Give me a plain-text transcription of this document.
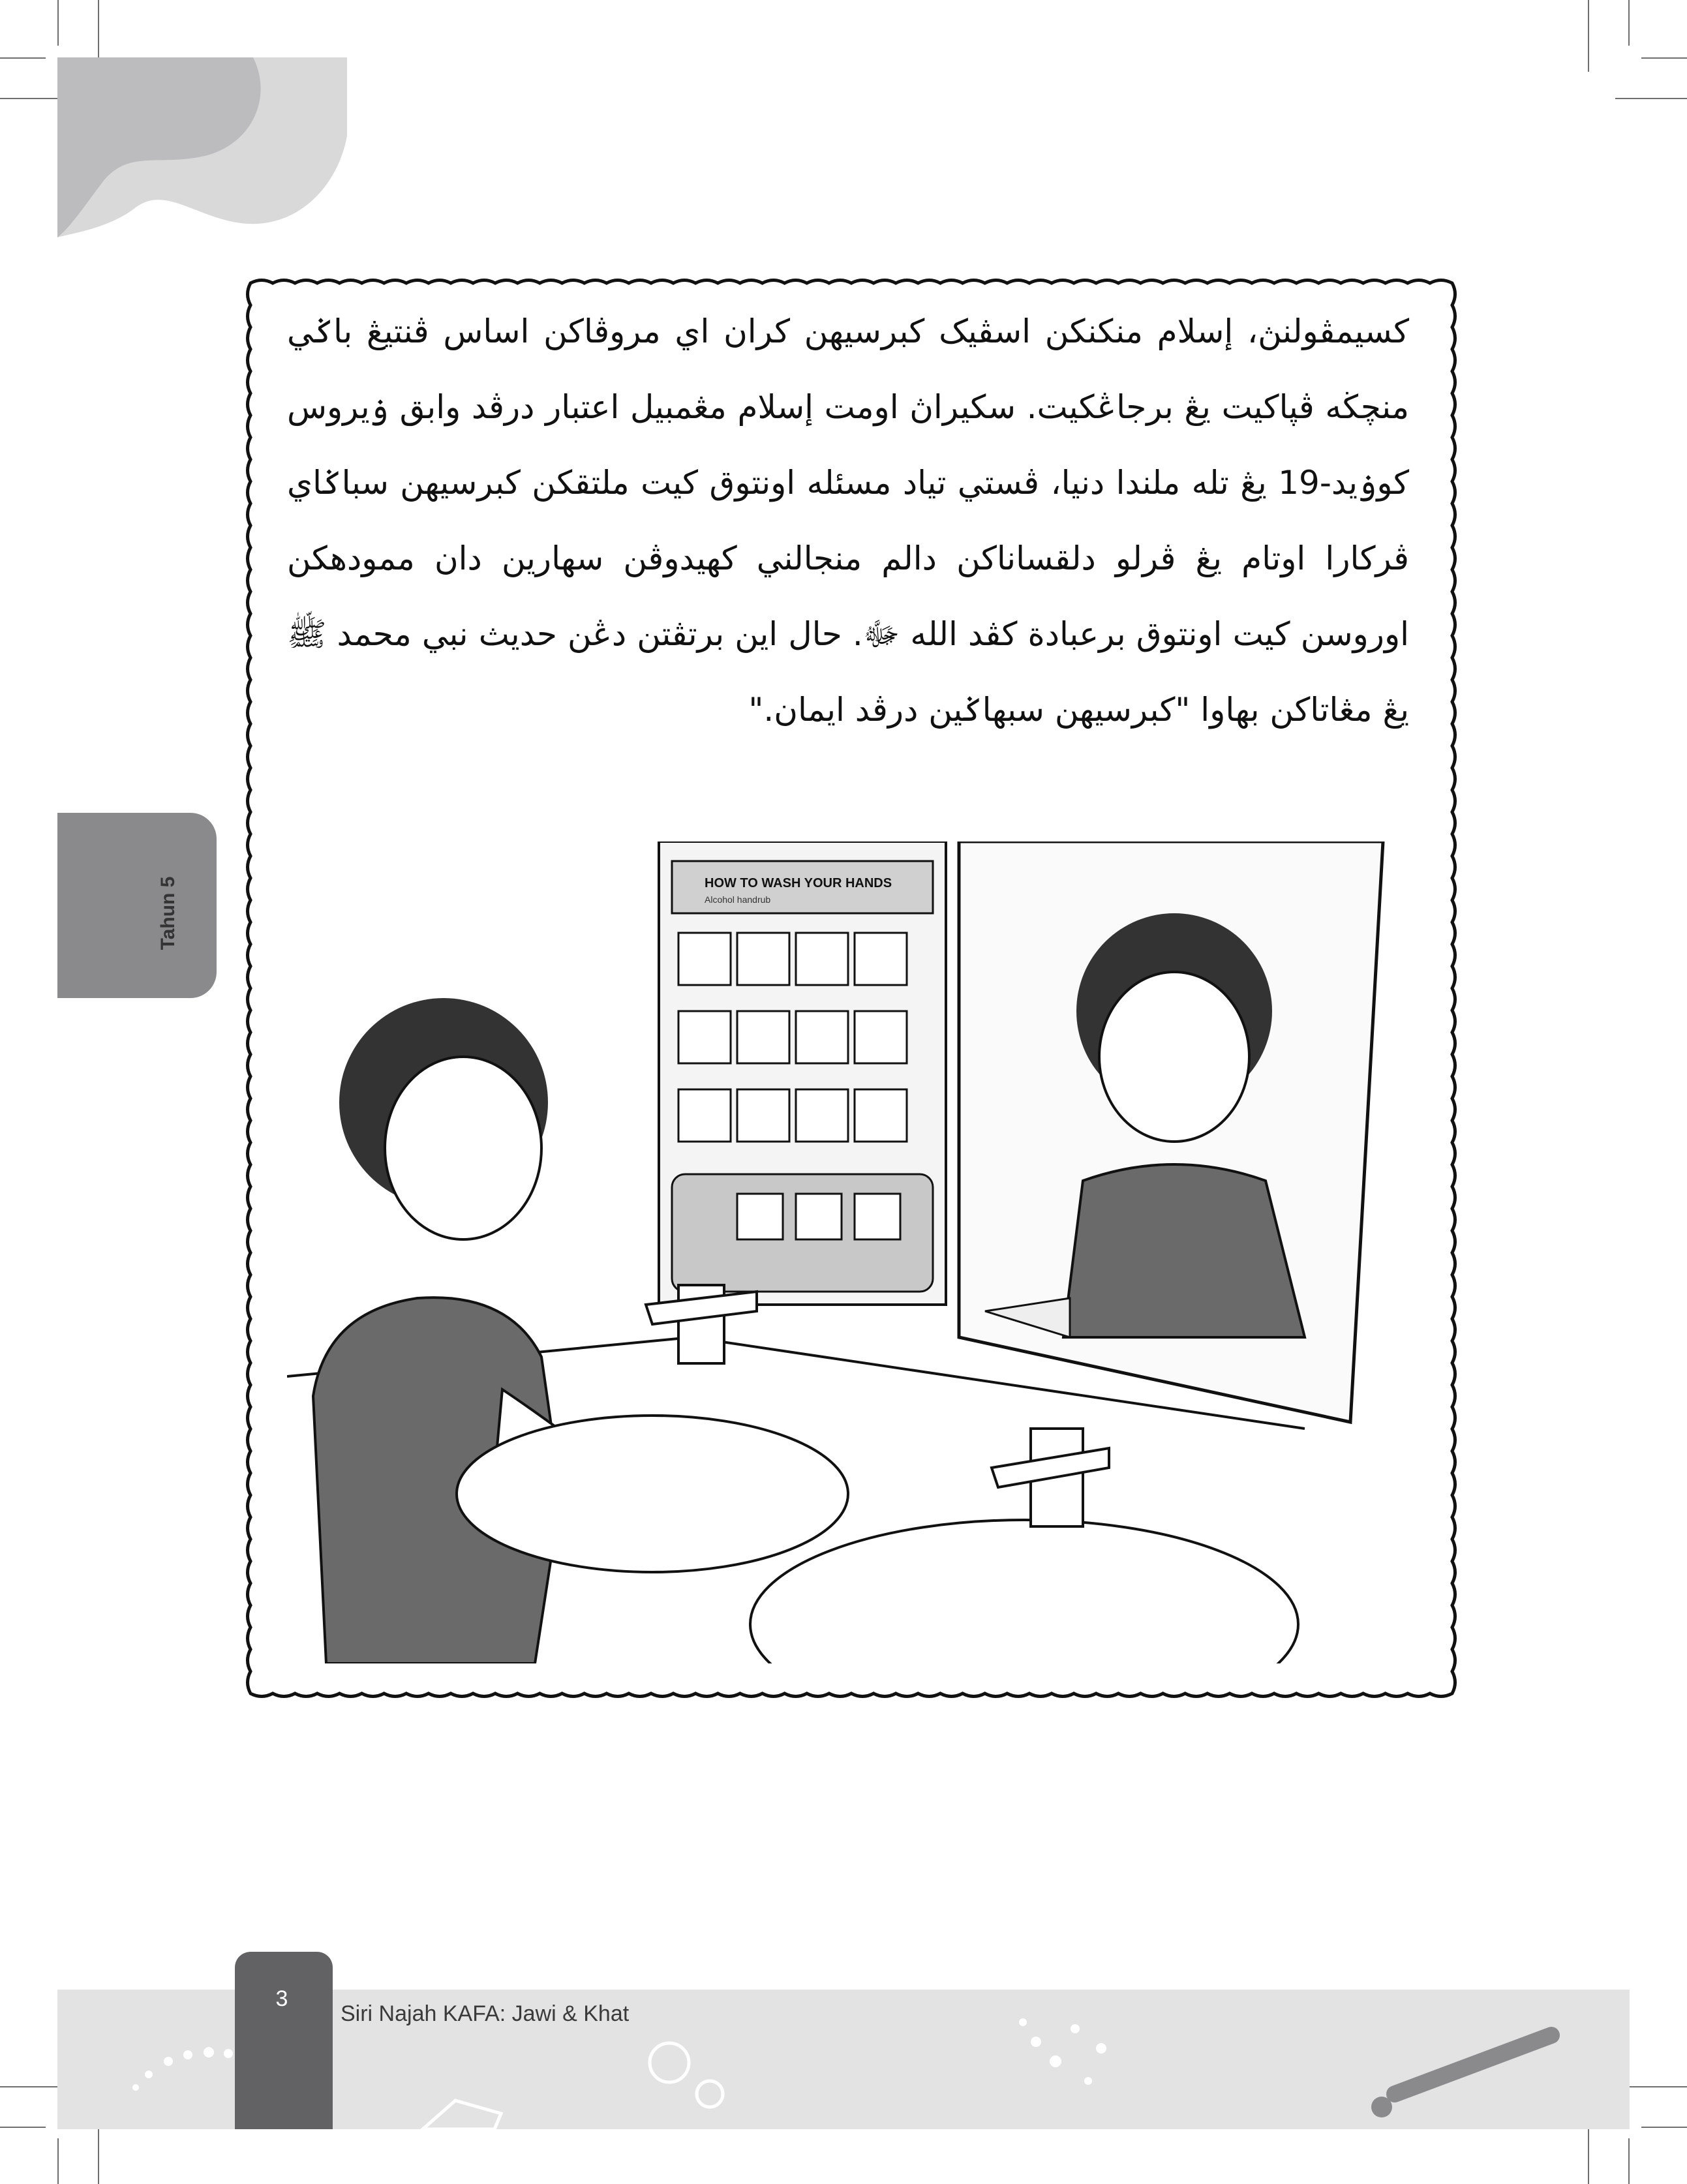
Tahun 5

كسيمڤولنڽ، إسلام منكنكن اسڤيک كبرسيهن كران اي مروڤاكن اساس ڤنتيڠ باݢي منچڬه ڤڽاکيت يڠ برجاڠکيت. سکيراڽ اومت إسلام مڠمبيل اعتبار درڤد وابق ۏيروس كوۏيد-19 يڠ تله ملندا دنيا، ڤستي تياد مسئله اونتوق كيت ملتقكن كبرسيهن سباݢاي ڤركارا اوتام يڠ ڤرلو دلقساناكن دالم منجالني كهيدوڤن سهارين دان ممودهكن اوروسن كيت اونتوق برعبادة كڤد الله ﷻ. حال اين برتڤتن دڠن حديث نبي محمد ﷺ يڠ مڠاتاكن بهاوا "كبرسيهن سبهاݢين درڤد ايمان."

HOW TO WASH YOUR HANDS
Alcohol handrub
3
Siri Najah KAFA: Jawi & Khat
